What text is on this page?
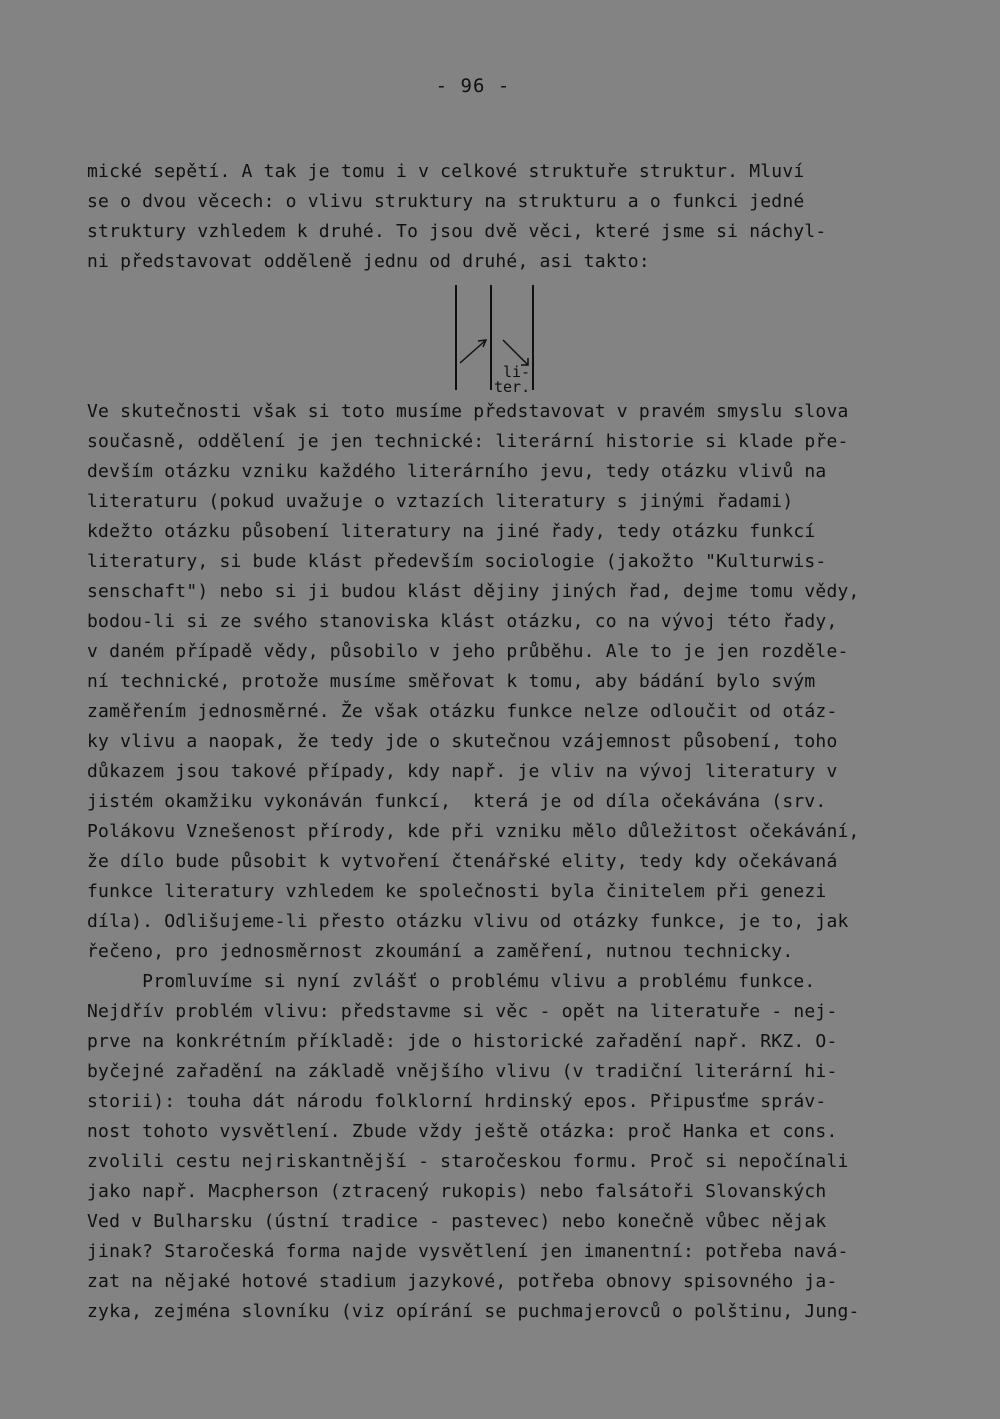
- 96 -
mické sepětí. A tak je tomu i v celkové struktuře struktur. Mluví
se o dvou věcech: o vlivu struktury na strukturu a o funkci jedné
struktury vzhledem k druhé. To jsou dvě věci, které jsme si náchyl-
ni představovat odděleně jednu od druhé, asi takto:
li-
ter.
Ve skutečnosti však si toto musíme představovat v pravém smyslu slova
současně, oddělení je jen technické: literární historie si klade pře-
devším otázku vzniku každého literárního jevu, tedy otázku vlivů na
literaturu (pokud uvažuje o vztazích literatury s jinými řadami)
kdežto otázku působení literatury na jiné řady, tedy otázku funkcí
literatury, si bude klást především sociologie (jakožto "Kulturwis-
senschaft") nebo si ji budou klást dějiny jiných řad, dejme tomu vědy,
bodou-li si ze svého stanoviska klást otázku, co na vývoj této řady,
v daném případě vědy, působilo v jeho průběhu. Ale to je jen rozděle-
ní technické, protože musíme směřovat k tomu, aby bádání bylo svým
zaměřením jednosměrné. Že však otázku funkce nelze odloučit od otáz-
ky vlivu a naopak, že tedy jde o skutečnou vzájemnost působení, toho
důkazem jsou takové případy, kdy např. je vliv na vývoj literatury v
jistém okamžiku vykonáván funkcí,  která je od díla očekávána (srv.
Polákovu Vznešenost přírody, kde při vzniku mělo důležitost očekávání,
že dílo bude působit k vytvoření čtenářské elity, tedy kdy očekávaná
funkce literatury vzhledem ke společnosti byla činitelem při genezi
díla). Odlišujeme-li přesto otázku vlivu od otázky funkce, je to, jak
řečeno, pro jednosměrnost zkoumání a zaměření, nutnou technicky.
Promluvíme si nyní zvlášť o problému vlivu a problému funkce.
Nejdřív problém vlivu: představme si věc - opět na literatuře - nej-
prve na konkrétním příkladě: jde o historické zařadění např. RKZ. O-
byčejné zařadění na základě vnějšího vlivu (v tradiční literární hi-
storii): touha dát národu folklorní hrdinský epos. Připusťme správ-
nost tohoto vysvětlení. Zbude vždy ještě otázka: proč Hanka et cons.
zvolili cestu nejriskantnější - staročeskou formu. Proč si nepočínali
jako např. Macpherson (ztracený rukopis) nebo falsátoři Slovanských
Ved v Bulharsku (ústní tradice - pastevec) nebo konečně vůbec nějak
jinak? Staročeská forma najde vysvětlení jen imanentní: potřeba navá-
zat na nějaké hotové stadium jazykové, potřeba obnovy spisovného ja-
zyka, zejména slovníku (viz opírání se puchmajerovců o polštinu, Jung-
